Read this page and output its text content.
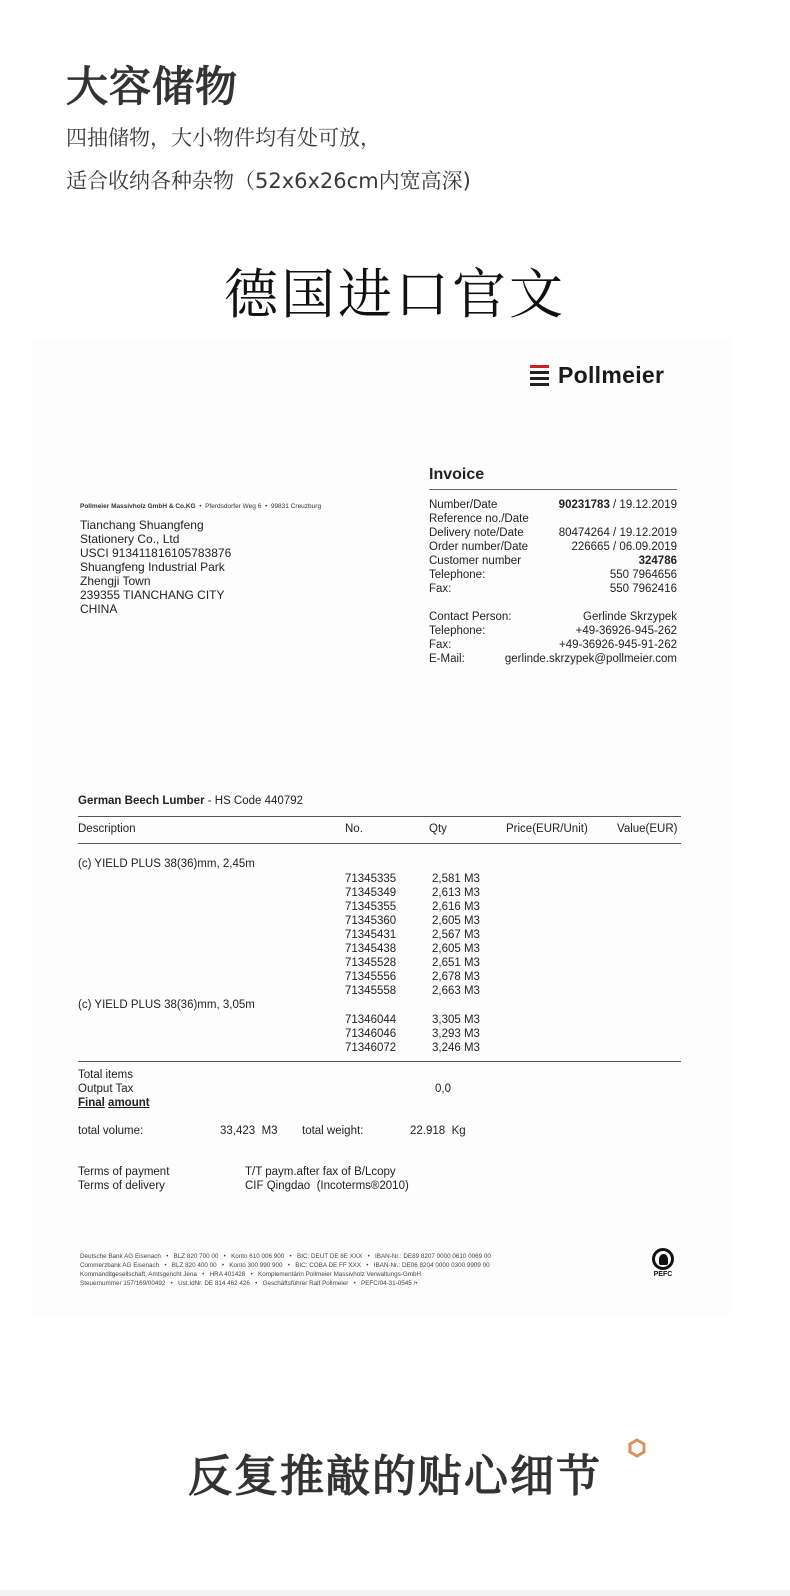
大容储物
四抽储物，大小物件均有处可放，
适合收纳各种杂物（52x6x26cm内宽高深)
德国进口官文
Pollmeier
Pollmeier Massivholz GmbH & Co.KG  •  Pferdsdorfer Weg 6  •  99831 Creuzburg
Tianchang Shuangfeng
Stationery Co., Ltd
USCI 913411816105783876
Shuangfeng Industrial Park
Zhengji Town
239355 TIANCHANG CITY
CHINA
Invoice
Number/Date	90231783 / 19.12.2019
Reference no./Date
Delivery note/Date	80474264 / 19.12.2019
Order number/Date	226665 / 06.09.2019
Customer number	324786
Telephone:	550 7964656
Fax:	550 7962416
Contact Person:	Gerlinde Skrzypek
Telephone:	+49-36926-945-262
Fax:	+49-36926-945-91-262
E-Mail:	gerlinde.skrzypek@pollmeier.com
German Beech Lumber - HS Code 440792
Description	No.	Qty	Price(EUR/Unit)	Value(EUR)
(c) YIELD PLUS 38(36)mm, 2,45m
71345335	2,581 M3
71345349	2,613 M3
71345355	2,616 M3
71345360	2,605 M3
71345431	2,567 M3
71345438	2,605 M3
71345528	2,651 M3
71345556	2,678 M3
71345558	2,663 M3
(c) YIELD PLUS 38(36)mm, 3,05m
71346044	3,305 M3
71346046	3,293 M3
71346072	3,246 M3
Total items
Output Tax	0,0
Final amount
total volume:	33,423  M3 total weight:	22.918  Kg
Terms of payment	T/T paym.after fax of B/Lcopy
Terms of delivery	CIF Qingdao  (Incoterms®2010)
Deutsche Bank AG Eisenach   •   BLZ 820 700 00   •   Konto 610 006 900   •   BIC: DEUT DE 8E XXX   •   IBAN-Nr.: DE89 8207 0000 0610 0069 00
Commerzbank AG Eisenach   •   BLZ 820 400 00   •   Konto 300 990 900   •   BIC: COBA DE FF XXX   •   IBAN-Nr.: DE06 8204 0000 0300 9909 00
Kommanditgesellschaft, Amtsgericht Jena   •   HRA 401428   •   Komplementärin Pollmeier Massivholz Verwaltungs-GmbH
Steuernummer 157/169/00492   •   Ust.IdNr. DE 814 462 426   •   Geschäftsführer Ralf Pollmeier   •   PEFC/04-31-0545 /•
PEFC
反复推敲的贴心细节
